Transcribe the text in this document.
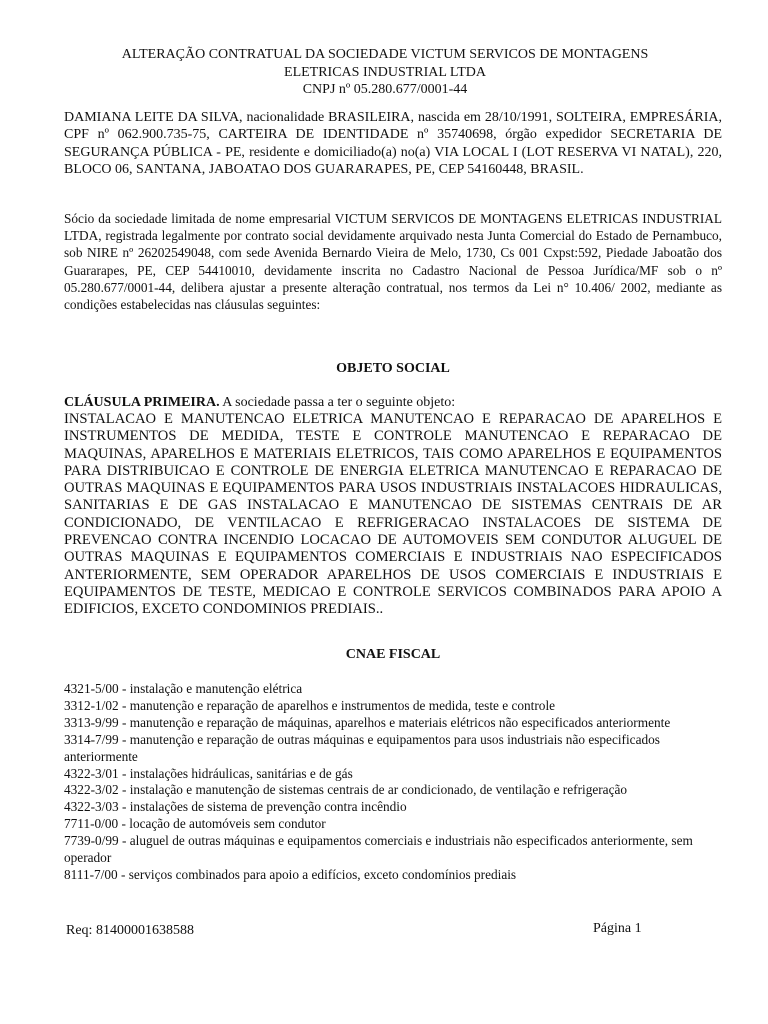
ALTERAÇÃO CONTRATUAL DA SOCIEDADE VICTUM SERVICOS DE MONTAGENS
ELETRICAS INDUSTRIAL LTDA

CNPJ nº 05.280.677/0001-44

DAMIANA LEITE DA SILVA, nacionalidade BRASILEIRA, nascida em 28/10/1991, SOLTEIRA, EMPRESÁRIA, CPF nº 062.900.735-75, CARTEIRA DE IDENTIDADE nº 35740698, órgão expedidor SECRETARIA DE SEGURANÇA PÚBLICA - PE, residente e domiciliado(a) no(a) VIA LOCAL I (LOT RESERVA VI NATAL), 220, BLOCO 06, SANTANA, JABOATAO DOS GUARARAPES, PE, CEP 54160448, BRASIL.

Sócio da sociedade limitada de nome empresarial VICTUM SERVICOS DE MONTAGENS ELETRICAS INDUSTRIAL LTDA, registrada legalmente por contrato social devidamente arquivado nesta Junta Comercial do Estado de Pernambuco, sob NIRE nº 26202549048, com sede Avenida Bernardo Vieira de Melo, 1730, Cs 001 Cxpst:592, Piedade Jaboatão dos Guararapes, PE, CEP 54410010, devidamente inscrita no Cadastro Nacional de Pessoa Jurídica/MF sob o nº 05.280.677/0001-44, delibera ajustar a presente alteração contratual, nos termos da Lei n° 10.406/ 2002, mediante as condições estabelecidas nas cláusulas seguintes:

OBJETO SOCIAL

CLÁUSULA PRIMEIRA. A sociedade passa a ter o seguinte objeto:

INSTALACAO E MANUTENCAO ELETRICA MANUTENCAO E REPARACAO DE APARELHOS E INSTRUMENTOS DE MEDIDA, TESTE E CONTROLE MANUTENCAO E REPARACAO DE MAQUINAS, APARELHOS E MATERIAIS ELETRICOS, TAIS COMO APARELHOS E EQUIPAMENTOS PARA DISTRIBUICAO E CONTROLE DE ENERGIA ELETRICA MANUTENCAO E REPARACAO DE OUTRAS MAQUINAS E EQUIPAMENTOS PARA USOS INDUSTRIAIS INSTALACOES HIDRAULICAS, SANITARIAS E DE GAS INSTALACAO E MANUTENCAO DE SISTEMAS CENTRAIS DE AR CONDICIONADO, DE VENTILACAO E REFRIGERACAO INSTALACOES DE SISTEMA DE PREVENCAO CONTRA INCENDIO LOCACAO DE AUTOMOVEIS SEM CONDUTOR ALUGUEL DE OUTRAS MAQUINAS E EQUIPAMENTOS COMERCIAIS E INDUSTRIAIS NAO ESPECIFICADOS ANTERIORMENTE, SEM OPERADOR APARELHOS DE USOS COMERCIAIS E INDUSTRIAIS E EQUIPAMENTOS DE TESTE, MEDICAO E CONTROLE SERVICOS COMBINADOS PARA APOIO A EDIFICIOS, EXCETO CONDOMINIOS PREDIAIS..

CNAE FISCAL
4321-5/00 - instalação e manutenção elétrica
3312-1/02 - manutenção e reparação de aparelhos e instrumentos de medida, teste e controle
3313-9/99 - manutenção e reparação de máquinas, aparelhos e materiais elétricos não especificados anteriormente
3314-7/99 - manutenção e reparação de outras máquinas e equipamentos para usos industriais não especificados anteriormente
4322-3/01 - instalações hidráulicas, sanitárias e de gás
4322-3/02 - instalação e manutenção de sistemas centrais de ar condicionado, de ventilação e refrigeração
4322-3/03 - instalações de sistema de prevenção contra incêndio
7711-0/00 - locação de automóveis sem condutor
7739-0/99 - aluguel de outras máquinas e equipamentos comerciais e industriais não especificados anteriormente, sem operador
8111-7/00 - serviços combinados para apoio a edifícios, exceto condomínios prediais

Req: 81400001638588	Página 1
